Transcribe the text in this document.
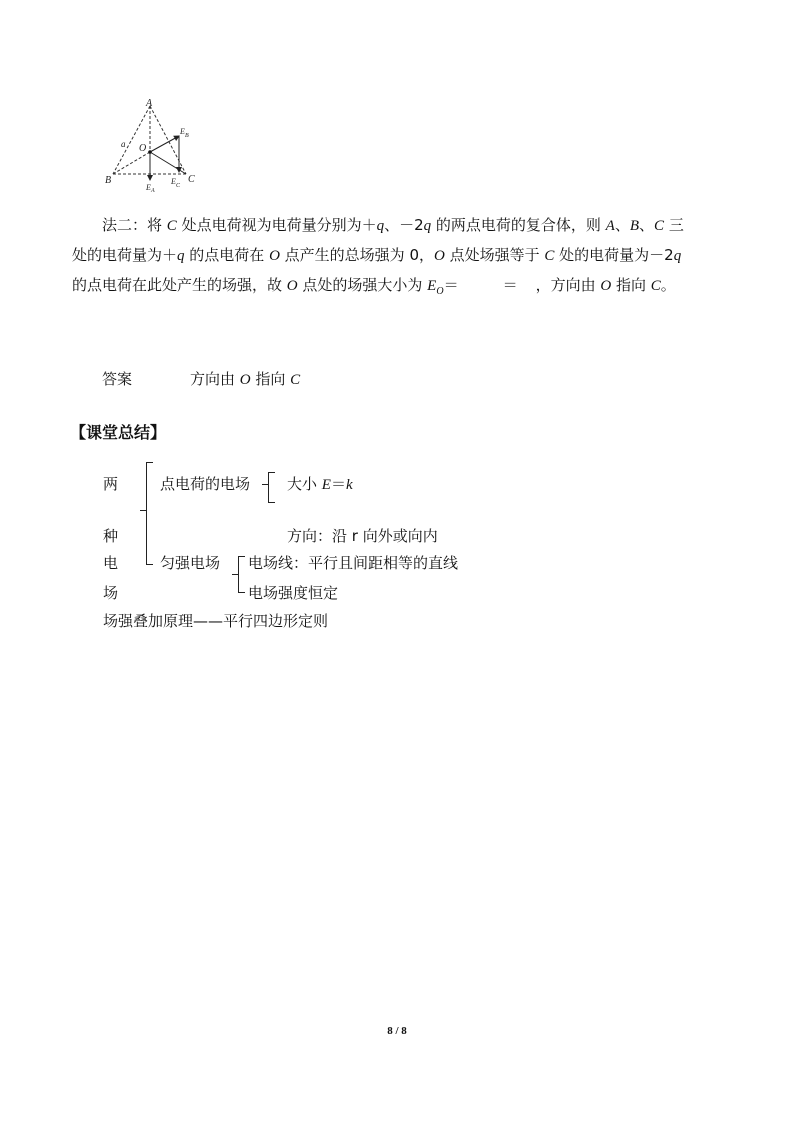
A
B	C
O
a
E B
E A
E C
法二：将 C 处点电荷视为电荷量分别为＋q、－2q 的两点电荷的复合体，则 A、B、C 三
处的电荷量为＋q 的点电荷在 O 点产生的总场强为 0，O 点处场强等于 C 处的电荷量为－2q
的点电荷在此处产生的场强，故 O 点处的场强大小为 $E_O=$	＝ ，方向由 O 指向 C。
答案	方向由 O 指向 C
【课堂总结】
两
种
电
场
点电荷的电场 大小 E＝k
方向：沿 r 向外或向内
匀强电场 电场线：平行且间距相等的直线
电场强度恒定
场强叠加原理——平行四边形定则
8 / 8
